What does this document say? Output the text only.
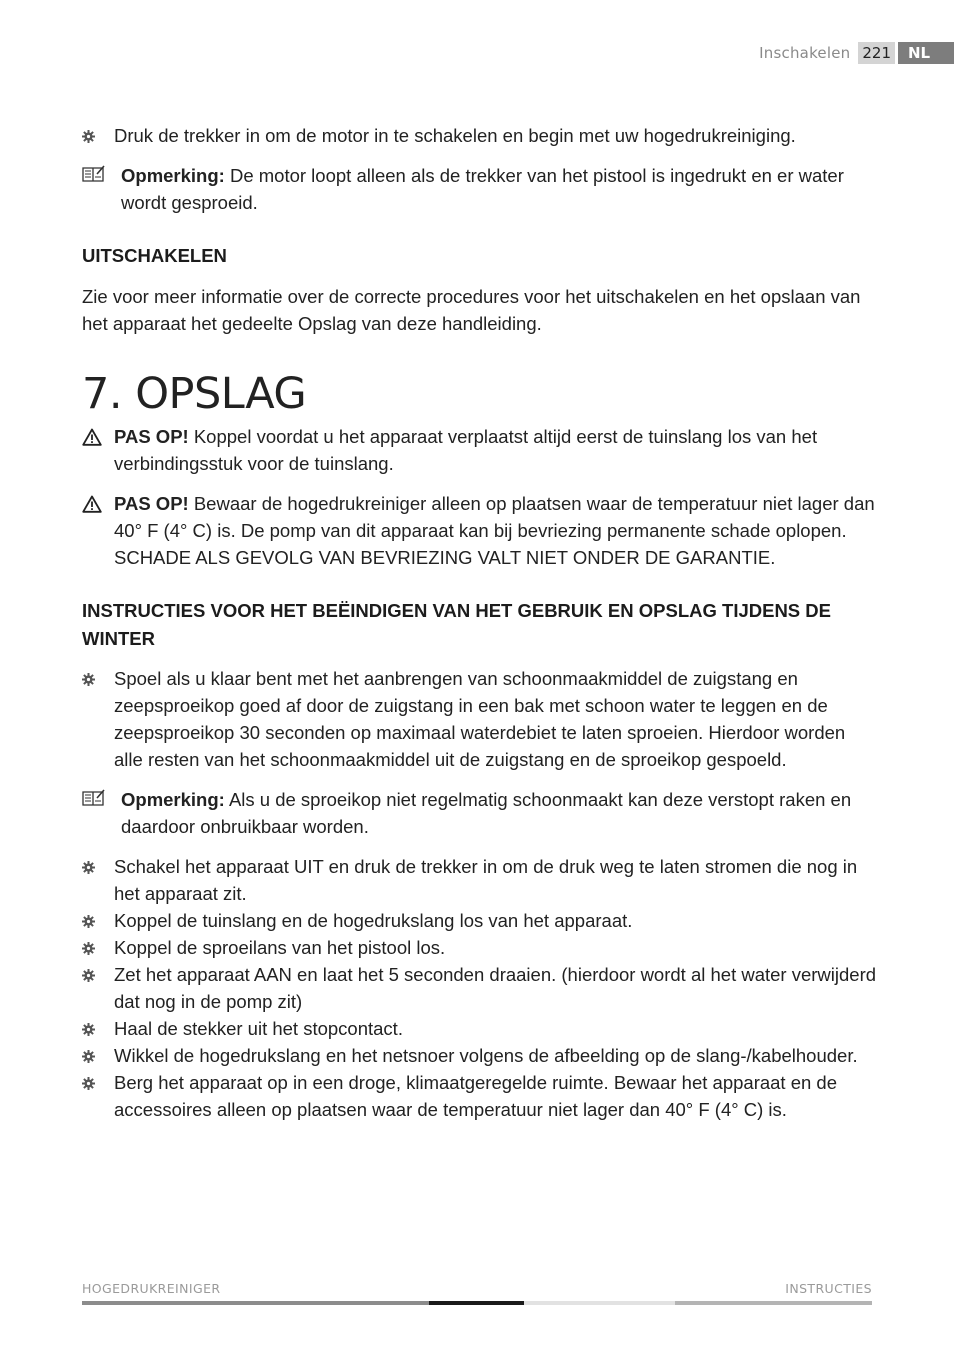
Inschakelen 221	NL
Druk de trekker in om de motor in te schakelen en begin met uw hogedrukreiniging.

Opmerking: De motor loopt alleen als de trekker van het pistool is ingedrukt en er water wordt gesproeid.

UITSCHAKELEN

Zie voor meer informatie over de correcte procedures voor het uitschakelen en het opslaan van het apparaat het gedeelte Opslag van deze handleiding.

7. OPSLAG

PAS OP! Koppel voordat u het apparaat verplaatst altijd eerst de tuinslang los van het verbindingsstuk voor de tuinslang.

PAS OP! Bewaar de hogedrukreiniger alleen op plaatsen waar de temperatuur niet lager dan 40° F (4° C) is. De pomp van dit apparaat kan bij bevriezing permanente schade oplopen. SCHADE ALS GEVOLG VAN BEVRIEZING VALT NIET ONDER DE GARANTIE.

INSTRUCTIES VOOR HET BEËINDIGEN VAN HET GEBRUIK EN OPSLAG TIJDENS DE WINTER
Spoel als u klaar bent met het aanbrengen van schoonmaakmiddel de zuigstang en zeepsproeikop goed af door de zuigstang in een bak met schoon water te leggen en de zeepsproeikop 30 seconden op maximaal waterdebiet te laten sproeien. Hierdoor worden alle resten van het schoonmaakmiddel uit de zuigstang en de sproeikop gespoeld.

Opmerking: Als u de sproeikop niet regelmatig schoonmaakt kan deze verstopt raken en daardoor onbruikbaar worden.

Schakel het apparaat UIT en druk de trekker in om de druk weg te laten stromen die nog in het apparaat zit.
Koppel de tuinslang en de hogedrukslang los van het apparaat.
Koppel de sproeilans van het pistool los.
Zet het apparaat AAN en laat het 5 seconden draaien. (hierdoor wordt al het water verwijderd dat nog in de pomp zit)
Haal de stekker uit het stopcontact.
Wikkel de hogedrukslang en het netsnoer volgens de afbeelding op de slang-/kabelhouder.
Berg het apparaat op in een droge, klimaatgeregelde ruimte. Bewaar het apparaat en de accessoires alleen op plaatsen waar de temperatuur niet lager dan 40° F (4° C) is.
HOGEDRUKREINIGER	INSTRUCTIES
